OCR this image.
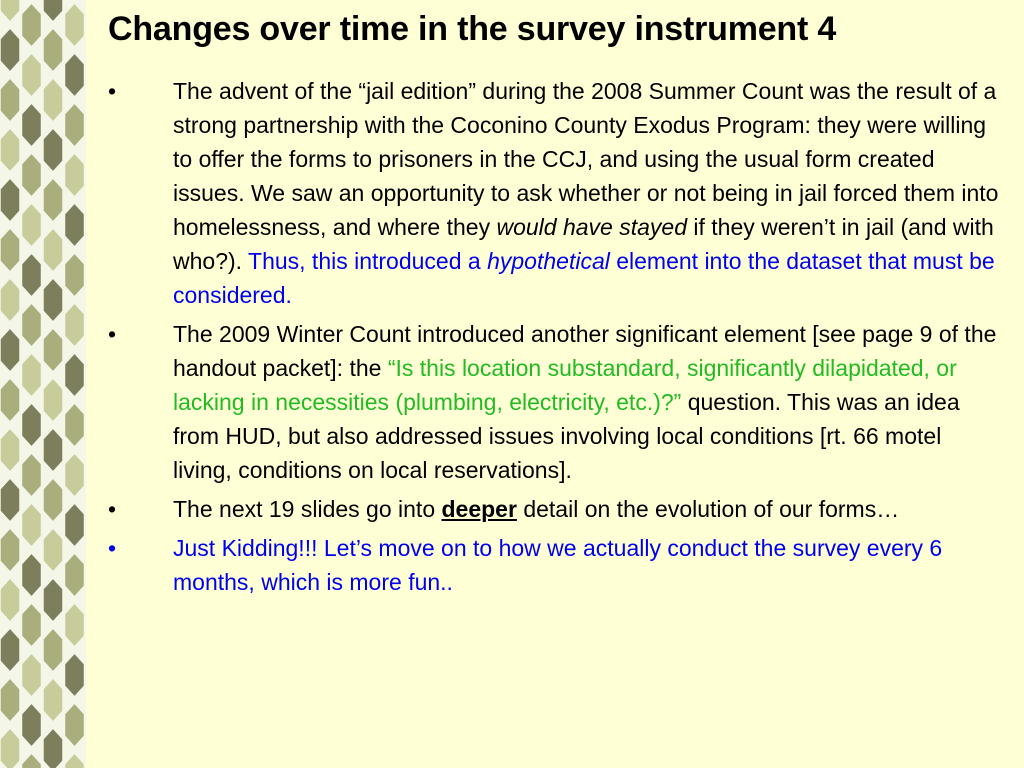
Changes over time in the survey instrument 4
• The advent of the “jail edition” during the 2008 Summer Count was the result of a strong partnership with the Coconino County Exodus Program: they were willing to offer the forms to prisoners in the CCJ, and using the usual form created issues. We saw an opportunity to ask whether or not being in jail forced them into homelessness, and where they would have stayed if they weren’t in jail (and with who?). Thus, this introduced a hypothetical element into the dataset that must be considered.
• The 2009 Winter Count introduced another significant element [see page 9 of the handout packet]: the “Is this location substandard, significantly dilapidated, or lacking in necessities (plumbing, electricity, etc.)?” question. This was an idea from HUD, but also addressed issues involving local conditions [rt. 66 motel living, conditions on local reservations].
• The next 19 slides go into deeper detail on the evolution of our forms…
• Just Kidding!!! Let’s move on to how we actually conduct the survey every 6 months, which is more fun..
